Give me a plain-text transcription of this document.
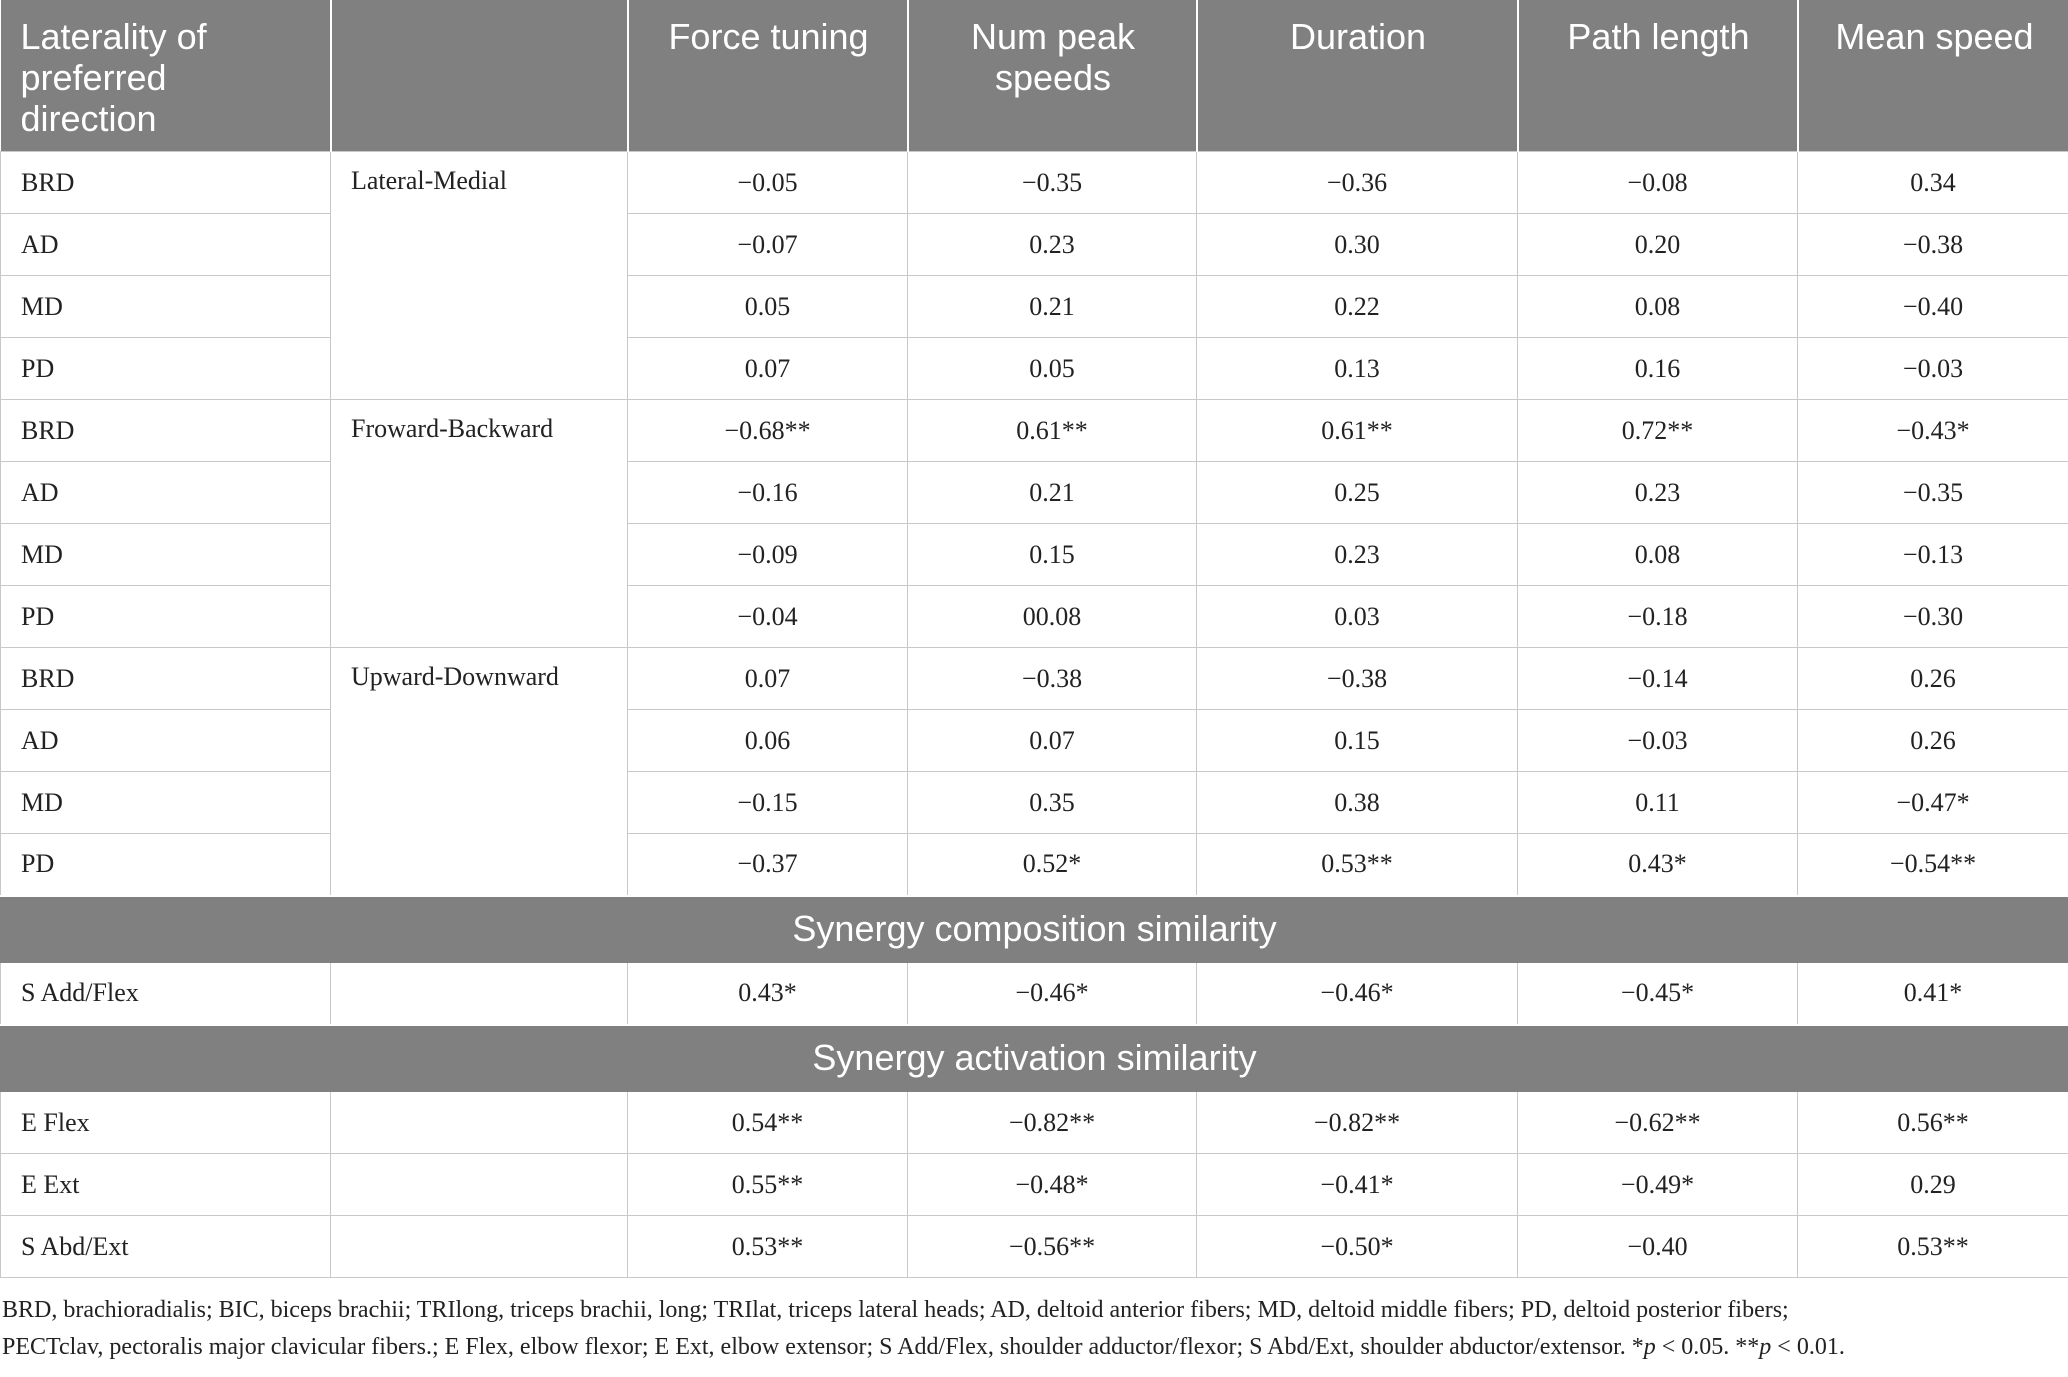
Laterality of preferred direction		Force tuning	Num peak speeds	Duration	Path length	Mean speed
BRD	Lateral-Medial	−0.05	−0.35	−0.36	−0.08	0.34
AD		−0.07	0.23	0.30	0.20	−0.38
MD		0.05	0.21	0.22	0.08	−0.40
PD		0.07	0.05	0.13	0.16	−0.03
BRD	Froward-Backward	−0.68**	0.61**	0.61**	0.72**	−0.43*
AD		−0.16	0.21	0.25	0.23	−0.35
MD		−0.09	0.15	0.23	0.08	−0.13
PD		−0.04	00.08	0.03	−0.18	−0.30
BRD	Upward-Downward	0.07	−0.38	−0.38	−0.14	0.26
AD		0.06	0.07	0.15	−0.03	0.26
MD		−0.15	0.35	0.38	0.11	−0.47*
PD		−0.37	0.52*	0.53**	0.43*	−0.54**
Synergy composition similarity						
S Add/Flex		0.43*	−0.46*	−0.46*	−0.45*	0.41*
Synergy activation similarity						
E Flex		0.54**	−0.82**	−0.82**	−0.62**	0.56**
E Ext		0.55**	−0.48*	−0.41*	−0.49*	0.29
S Abd/Ext		0.53**	−0.56**	−0.50*	−0.40	0.53**
BRD, brachioradialis; BIC, biceps brachii; TRIlong, triceps brachii, long; TRIlat, triceps lateral heads; AD, deltoid anterior fibers; MD, deltoid middle fibers; PD, deltoid posterior fibers;
PECTclav, pectoralis major clavicular fibers.; E Flex, elbow flexor; E Ext, elbow extensor; S Add/Flex, shoulder adductor/flexor; S Abd/Ext, shoulder abductor/extensor. *p < 0.05. **p < 0.01.
